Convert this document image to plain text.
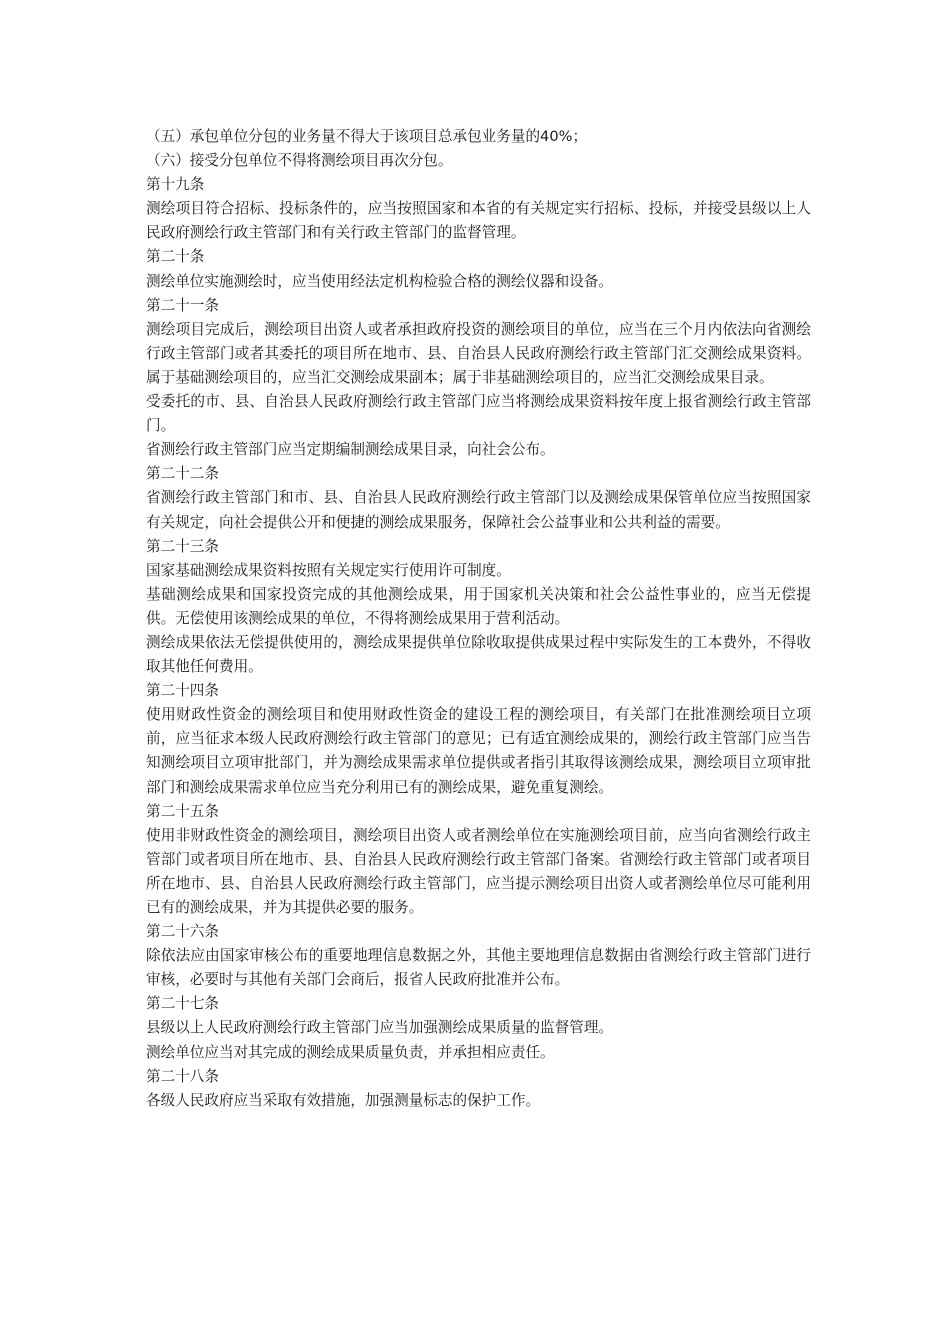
（五）承包单位分包的业务量不得大于该项目总承包业务量的40%；

（六）接受分包单位不得将测绘项目再次分包。

第十九条

测绘项目符合招标、投标条件的，应当按照国家和本省的有关规定实行招标、投标，并接受县级以上人民政府测绘行政主管部门和有关行政主管部门的监督管理。

第二十条

测绘单位实施测绘时，应当使用经法定机构检验合格的测绘仪器和设备。

第二十一条

测绘项目完成后，测绘项目出资人或者承担政府投资的测绘项目的单位，应当在三个月内依法向省测绘行政主管部门或者其委托的项目所在地市、县、自治县人民政府测绘行政主管部门汇交测绘成果资料。属于基础测绘项目的，应当汇交测绘成果副本；属于非基础测绘项目的，应当汇交测绘成果目录。

受委托的市、县、自治县人民政府测绘行政主管部门应当将测绘成果资料按年度上报省测绘行政主管部门。

省测绘行政主管部门应当定期编制测绘成果目录，向社会公布。

第二十二条

省测绘行政主管部门和市、县、自治县人民政府测绘行政主管部门以及测绘成果保管单位应当按照国家有关规定，向社会提供公开和便捷的测绘成果服务，保障社会公益事业和公共利益的需要。

第二十三条

国家基础测绘成果资料按照有关规定实行使用许可制度。

基础测绘成果和国家投资完成的其他测绘成果，用于国家机关决策和社会公益性事业的，应当无偿提供。无偿使用该测绘成果的单位，不得将测绘成果用于营利活动。

测绘成果依法无偿提供使用的，测绘成果提供单位除收取提供成果过程中实际发生的工本费外，不得收取其他任何费用。

第二十四条

使用财政性资金的测绘项目和使用财政性资金的建设工程的测绘项目，有关部门在批准测绘项目立项前，应当征求本级人民政府测绘行政主管部门的意见；已有适宜测绘成果的，测绘行政主管部门应当告知测绘项目立项审批部门，并为测绘成果需求单位提供或者指引其取得该测绘成果，测绘项目立项审批部门和测绘成果需求单位应当充分利用已有的测绘成果，避免重复测绘。

第二十五条

使用非财政性资金的测绘项目，测绘项目出资人或者测绘单位在实施测绘项目前，应当向省测绘行政主管部门或者项目所在地市、县、自治县人民政府测绘行政主管部门备案。省测绘行政主管部门或者项目所在地市、县、自治县人民政府测绘行政主管部门，应当提示测绘项目出资人或者测绘单位尽可能利用已有的测绘成果，并为其提供必要的服务。

第二十六条

除依法应由国家审核公布的重要地理信息数据之外，其他主要地理信息数据由省测绘行政主管部门进行审核，必要时与其他有关部门会商后，报省人民政府批准并公布。

第二十七条

县级以上人民政府测绘行政主管部门应当加强测绘成果质量的监督管理。

测绘单位应当对其完成的测绘成果质量负责，并承担相应责任。

第二十八条

各级人民政府应当采取有效措施，加强测量标志的保护工作。
